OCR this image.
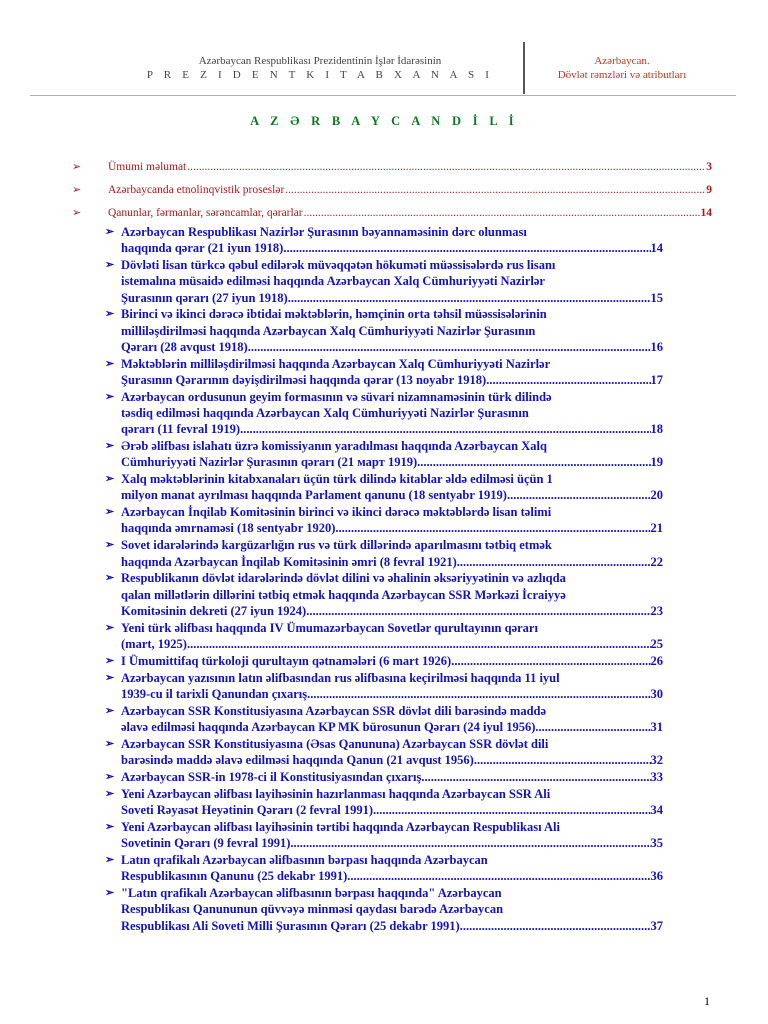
Azərbaycan Respublikası Prezidentinin İşlər İdarəsinin
P R E Z I D E N T K I T A B X A N A S I
Azərbaycan.
Dövlət rəmzləri və atributları
A Z Ə R B A Y C A N D İ L İ
➢	Ümumi məlumat .....	3
➢	Azərbaycanda etnolinqvistik proseslər .....	9
➢	Qanunlar, fərmanlar, sərəncamlar, qərarlar .....	14
➢ Azərbaycan Respublikası Nazirlər Şurasının bəyannaməsinin dərc olunması
haqqında qərar (21 iyun 1918) .....	14
➢ Dövləti lisan türkcə qəbul edilərək müvəqqətən hökuməti müəssisələrdə rus lisanı
istemalına müsaidə edilməsi haqqında Azərbaycan Xalq Cümhuriyyəti Nazirlər
Şurasının qərarı (27 iyun 1918) .....	15
➢ Birinci və ikinci dərəcə ibtidai məktəblərin, həmçinin orta təhsil müəssisələrinin
milliləşdirilməsi haqqında Azərbaycan Xalq Cümhuriyyəti Nazirlər Şurasının
Qərarı (28 avqust 1918) .....	16
➢ Məktəblərin milliləşdirilməsi haqqında Azərbaycan Xalq Cümhuriyyəti Nazirlər
Şurasının Qərarının dəyişdirilməsi haqqında qərar (13 noyabr 1918) .....	17
➢ Azərbaycan ordusunun geyim formasının və süvari nizamnaməsinin türk dilində
təsdiq edilməsi haqqında Azərbaycan Xalq Cümhuriyyəti Nazirlər Şurasının
qərarı (11 fevral 1919) .....	18
➢ Ərəb əlifbası islahatı üzrə komissiyanın yaradılması haqqında Azərbaycan Xalq
Cümhuriyyəti Nazirlər Şurasının qərarı (21 март 1919) .....	19
➢ Xalq məktəblərinin kitabxanaları üçün türk dilində kitablar əldə edilməsi üçün 1
milyon manat ayrılması haqqında Parlament qanunu (18 sentyabr 1919) .....	20
➢ Azərbaycan İnqilab Komitəsinin birinci və ikinci dərəcə məktəblərdə lisan təlimi
haqqında əmrnaməsi (18 sentyabr 1920) .....	21
➢ Sovet idarələrində kargüzarlığın rus və türk dillərində aparılmasını tətbiq etmək
haqqında Azərbaycan İnqilab Komitəsinin əmri (8 fevral 1921) .....	22
➢ Respublikanın dövlət idarələrində dövlət dilini və əhalinin əksəriyyətinin və azlıqda
qalan millətlərin dillərini tətbiq etmək haqqında Azərbaycan SSR Mərkəzi İcraiyyə
Komitəsinin dekreti (27 iyun 1924) .....	23
➢ Yeni türk əlifbası haqqında IV Ümumazərbaycan Sovetlər qurultayının qərarı
(mart, 1925) .....	25
➢ I Ümumittifaq türkoloji qurultayın qətnamələri (6 mart 1926) .....	26
➢ Azərbaycan yazısının latın əlifbasından rus əlifbasına keçirilməsi haqqında 11 iyul
1939-cu il tarixli Qanundan çıxarış .....	30
➢ Azərbaycan SSR Konstitusiyasına Azərbaycan SSR dövlət dili barəsində maddə
əlavə edilməsi haqqında Azərbaycan KP MK bürosunun Qərarı (24 iyul 1956) .....	31
➢ Azərbaycan SSR Konstitusiyasına (Əsas Qanununa) Azərbaycan SSR dövlət dili
barəsində maddə əlavə edilməsi haqqında Qanun (21 avqust 1956) .....	32
➢ Azərbaycan SSR-in 1978-ci il Konstitusiyasından çıxarış .....	33
➢ Yeni Azərbaycan əlifbası layihəsinin hazırlanması haqqında Azərbaycan SSR Ali
Soveti Rəyasət Heyətinin Qərarı (2 fevral 1991) .....	34
➢ Yeni Azərbaycan əlifbası layihəsinin tərtibi haqqında Azərbaycan Respublikası Ali
Sovetinin Qərarı (9 fevral 1991) .....	35
➢ Latın qrafikalı Azərbaycan əlifbasının bərpası haqqında Azərbaycan
Respublikasının Qanunu (25 dekabr 1991) .....	36
➢ "Latın qrafikalı Azərbaycan əlifbasının bərpası haqqında" Azərbaycan
Respublikası Qanununun qüvvəyə minməsi qaydası barədə Azərbaycan
Respublikası Ali Soveti Milli Şurasının Qərarı (25 dekabr 1991) .....	37
1
